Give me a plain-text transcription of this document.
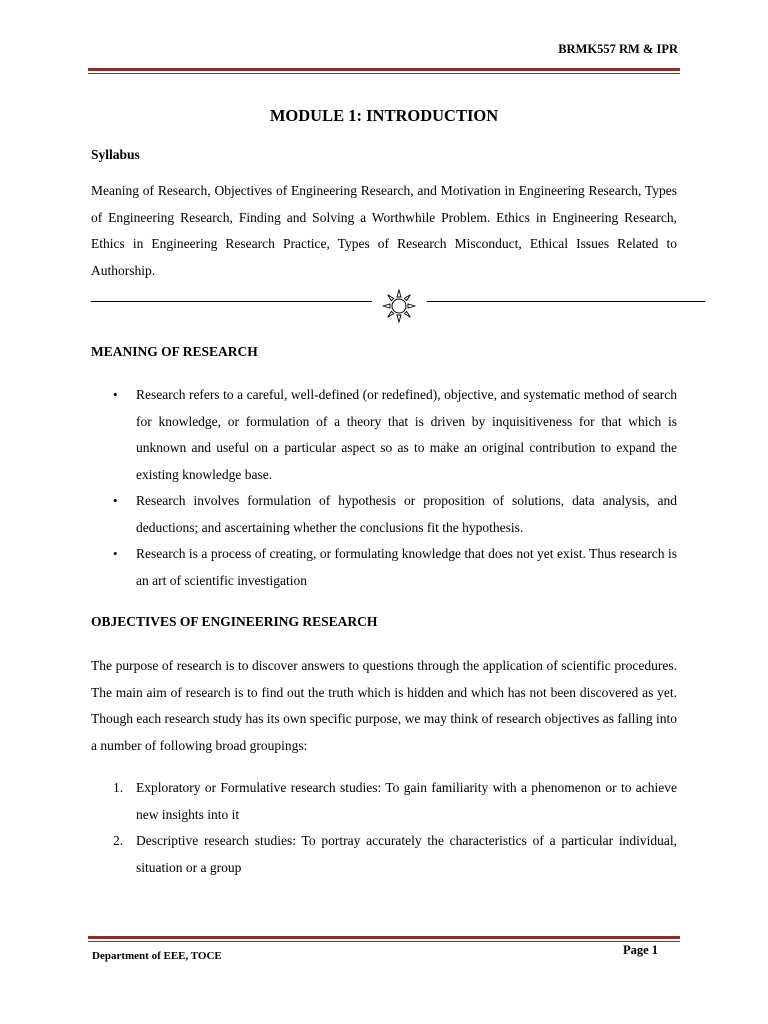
BRMK557 RM & IPR
MODULE 1: INTRODUCTION
Syllabus
Meaning of Research, Objectives of Engineering Research, and Motivation in Engineering Research, Types of Engineering Research, Finding and Solving a Worthwhile Problem. Ethics in Engineering Research, Ethics in Engineering Research Practice, Types of Research Misconduct, Ethical Issues Related to Authorship.
MEANING OF RESEARCH
• Research refers to a careful, well-defined (or redefined), objective, and systematic method of search for knowledge, or formulation of a theory that is driven by inquisitiveness for that which is unknown and useful on a particular aspect so as to make an original contribution to expand the existing knowledge base.
• Research involves formulation of hypothesis or proposition of solutions, data analysis, and deductions; and ascertaining whether the conclusions fit the hypothesis.
• Research is a process of creating, or formulating knowledge that does not yet exist. Thus research is an art of scientific investigation
OBJECTIVES OF ENGINEERING RESEARCH
The purpose of research is to discover answers to questions through the application of scientific procedures. The main aim of research is to find out the truth which is hidden and which has not been discovered as yet. Though each research study has its own specific purpose, we may think of research objectives as falling into a number of following broad groupings:
1. Exploratory or Formulative research studies: To gain familiarity with a phenomenon or to achieve new insights into it
2. Descriptive research studies: To portray accurately the characteristics of a particular individual, situation or a group
Department of EEE, TOCE	Page 1
